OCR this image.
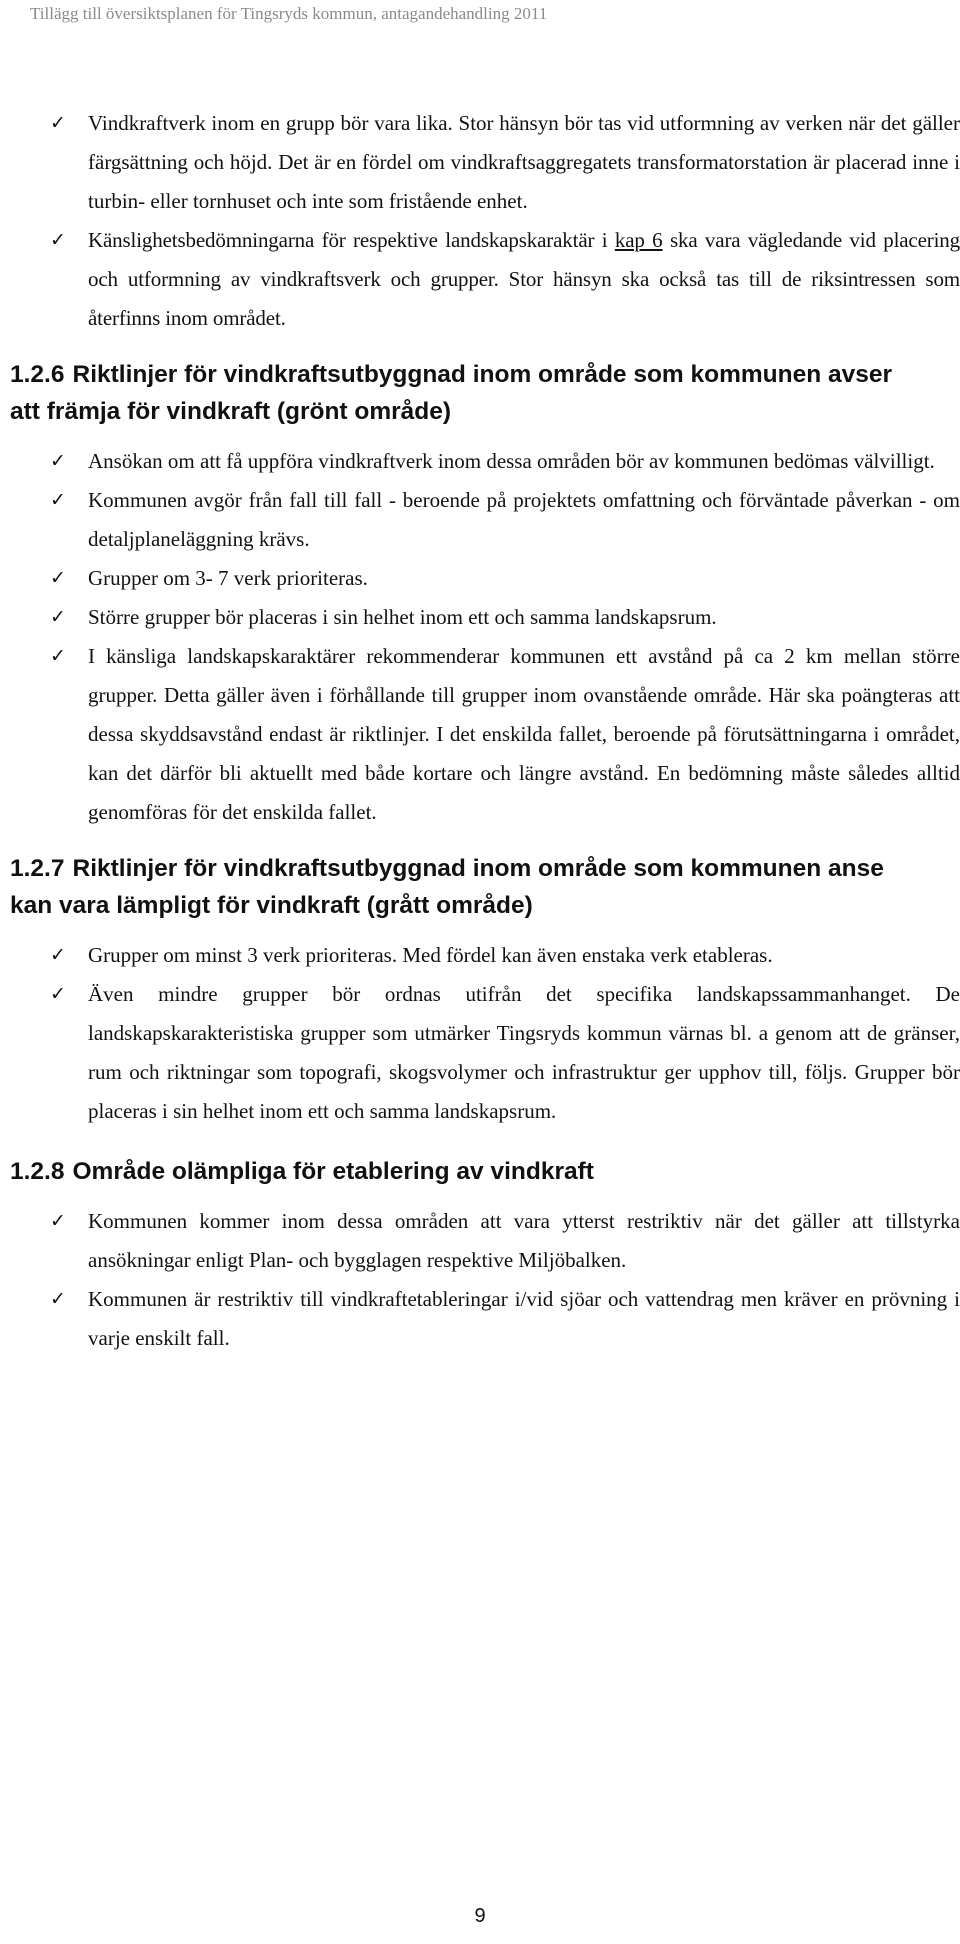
Tillägg till översiktsplanen för Tingsryds kommun, antagandehandling 2011
✓ Vindkraftverk inom en grupp bör vara lika. Stor hänsyn bör tas vid utformning av verken när det gäller färgsättning och höjd. Det är en fördel om vindkraftsaggregatets transformatorstation är placerad inne i turbin- eller tornhuset och inte som fristående enhet.
✓ Känslighetsbedömningarna för respektive landskapskaraktär i kap 6 ska vara vägledande vid placering och utformning av vindkraftsverk och grupper. Stor hänsyn ska också tas till de riksintressen som återfinns inom området.
1.2.6 Riktlinjer för vindkraftsutbyggnad inom område som kommunen avser att främja för vindkraft (grönt område)
✓ Ansökan om att få uppföra vindkraftverk inom dessa områden bör av kommunen bedömas välvilligt.
✓ Kommunen avgör från fall till fall - beroende på projektets omfattning och förväntade påverkan - om detaljplaneläggning krävs.
✓ Grupper om 3- 7 verk prioriteras.
✓ Större grupper bör placeras i sin helhet inom ett och samma landskapsrum.
✓ I känsliga landskapskaraktärer rekommenderar kommunen ett avstånd på ca 2 km mellan större grupper. Detta gäller även i förhållande till grupper inom ovanstående område. Här ska poängteras att dessa skyddsavstånd endast är riktlinjer. I det enskilda fallet, beroende på förutsättningarna i området, kan det därför bli aktuellt med både kortare och längre avstånd. En bedömning måste således alltid genomföras för det enskilda fallet.
1.2.7 Riktlinjer för vindkraftsutbyggnad inom område som kommunen anse kan vara lämpligt för vindkraft (grått område)
✓ Grupper om minst 3 verk prioriteras. Med fördel kan även enstaka verk etableras.
✓ Även mindre grupper bör ordnas utifrån det specifika landskapssammanhanget. De landskapskarakteristiska grupper som utmärker Tingsryds kommun värnas bl. a genom att de gränser, rum och riktningar som topografi, skogsvolymer och infrastruktur ger upphov till, följs. Grupper bör placeras i sin helhet inom ett och samma landskapsrum.
1.2.8 Område olämpliga för etablering av vindkraft
✓ Kommunen kommer inom dessa områden att vara ytterst restriktiv när det gäller att tillstyrka ansökningar enligt Plan- och bygglagen respektive Miljöbalken.
✓ Kommunen är restriktiv till vindkraftetableringar i/vid sjöar och vattendrag men kräver en prövning i varje enskilt fall.
9
